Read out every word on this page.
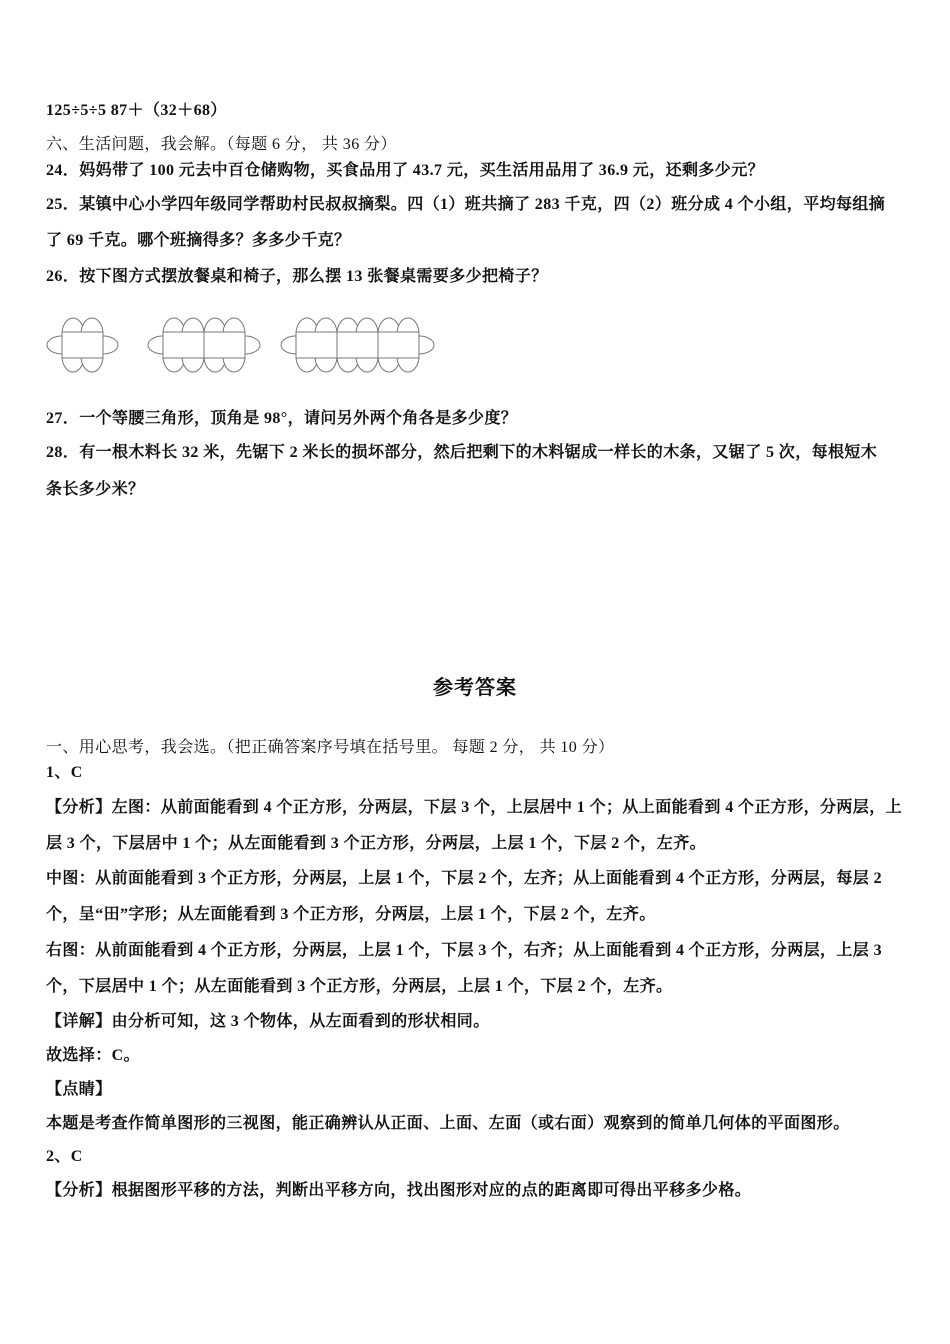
125÷5÷5 87＋（32＋68）
六、生活问题，我会解。（每题 6 分， 共 36 分）
24．妈妈带了 100 元去中百仓储购物，买食品用了 43.7 元，买生活用品用了 36.9 元，还剩多少元？
25．某镇中心小学四年级同学帮助村民叔叔摘梨。四（1）班共摘了 283 千克，四（2）班分成 4 个小组，平均每组摘
了 69 千克。哪个班摘得多？多多少千克？
26．按下图方式摆放餐桌和椅子，那么摆 13 张餐桌需要多少把椅子？
27．一个等腰三角形，顶角是 98°，请问另外两个角各是多少度？
28．有一根木料长 32 米，先锯下 2 米长的损坏部分，然后把剩下的木料锯成一样长的木条，又锯了 5 次，每根短木
条长多少米？
参考答案
一、用心思考，我会选。（把正确答案序号填在括号里。 每题 2 分， 共 10 分）
1、C
【分析】左图：从前面能看到 4 个正方形，分两层，下层 3 个，上层居中 1 个；从上面能看到 4 个正方形，分两层，上
层 3 个，下层居中 1 个；从左面能看到 3 个正方形，分两层，上层 1 个，下层 2 个，左齐。
中图：从前面能看到 3 个正方形，分两层，上层 1 个，下层 2 个，左齐；从上面能看到 4 个正方形，分两层，每层 2
个，呈“田”字形；从左面能看到 3 个正方形，分两层，上层 1 个，下层 2 个，左齐。
右图：从前面能看到 4 个正方形，分两层，上层 1 个，下层 3 个，右齐；从上面能看到 4 个正方形，分两层，上层 3
个，下层居中 1 个；从左面能看到 3 个正方形，分两层，上层 1 个，下层 2 个，左齐。
【详解】由分析可知，这 3 个物体，从左面看到的形状相同。
故选择：C。
【点睛】
本题是考查作简单图形的三视图，能正确辨认从正面、上面、左面（或右面）观察到的简单几何体的平面图形。
2、C
【分析】根据图形平移的方法，判断出平移方向，找出图形对应的点的距离即可得出平移多少格。
